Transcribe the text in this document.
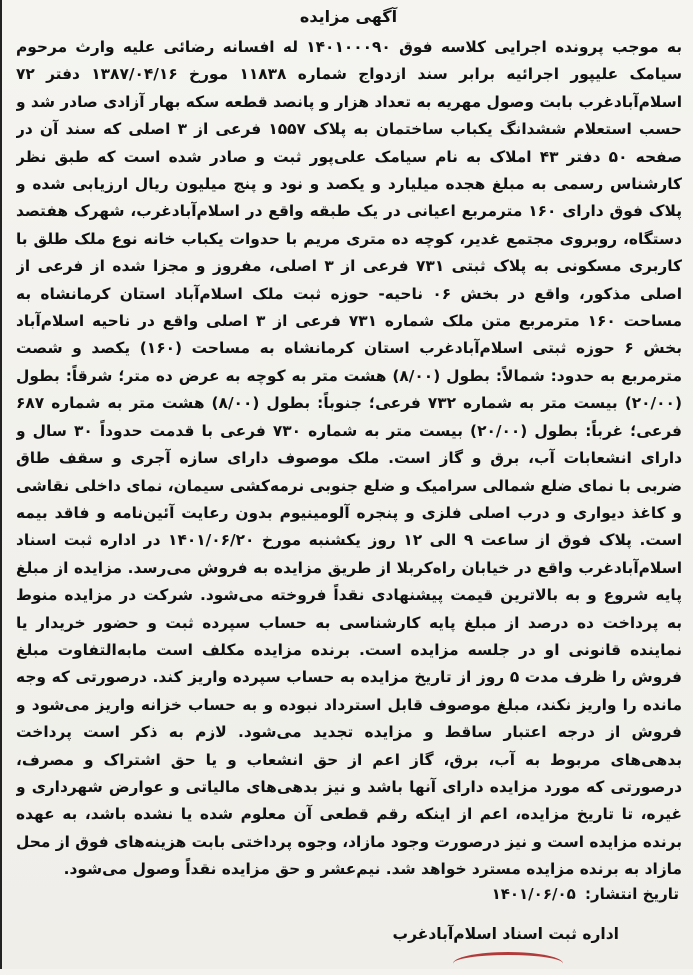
آگهی مزایده
به موجب پرونده اجرایی کلاسه فوق ۱۴۰۱۰۰۰۹۰ له افسانه رضائی علیه وارث مرحوم سیامک علیپور اجرائیه برابر سند ازدواج شماره ۱۱۸۳۸ مورخ ۱۳۸۷/۰۴/۱۶ دفتر ۷۲ اسلام‌آبادغرب بابت وصول مهریه به تعداد هزار و پانصد قطعه سکه بهار آزادی صادر شد و حسب استعلام ششدانگ یکباب ساختمان به پلاک ۱۵۵۷ فرعی از ۳ اصلی که سند آن در صفحه ۵۰ دفتر ۴۳ املاک به نام سیامک علی‌پور ثبت و صادر شده است که طبق نظر کارشناس رسمی به مبلغ هجده میلیارد و یکصد و نود و پنج میلیون ریال ارزیابی شده و پلاک فوق دارای ۱۶۰ مترمربع اعیانی در یک طبقه واقع در اسلام‌آبادغرب، شهرک هفتصد دستگاه، روبروی مجتمع غدیر، کوچه ده متری مریم با حدوات یکباب خانه نوع ملک طلق با کاربری مسکونی به پلاک ثبتی ۷۳۱ فرعی از ۳ اصلی، مفروز و مجزا شده از فرعی از اصلی مذکور، واقع در بخش ۰۶ ناحیه- حوزه ثبت ملک اسلام‌آباد استان کرمانشاه به مساحت ۱۶۰ مترمربع متن ملک شماره ۷۳۱ فرعی از ۳ اصلی واقع در ناحیه اسلام‌آباد بخش ۶ حوزه ثبتی اسلام‌آبادغرب استان کرمانشاه به مساحت (۱۶۰) یکصد و شصت مترمربع به حدود: شمالاً: بطول (۸/۰۰) هشت متر به کوچه به عرض ده متر؛ شرقاً: بطول (۲۰/۰۰) بیست متر به شماره ۷۳۲ فرعی؛ جنوباً: بطول (۸/۰۰) هشت متر به شماره ۶۸۷ فرعی؛ غرباً: بطول (۲۰/۰۰) بیست متر به شماره ۷۳۰ فرعی با قدمت حدوداً ۳۰ سال و دارای انشعابات آب، برق و گاز است. ملک موصوف دارای سازه آجری و سقف طاق ضربی با نمای ضلع شمالی سرامیک و ضلع جنوبی نرمه‌کشی سیمان، نمای داخلی نقاشی و کاغذ دیواری و درب اصلی فلزی و پنجره آلومینیوم بدون رعایت آئین‌نامه و فاقد بیمه است. پلاک فوق از ساعت ۹ الی ۱۲ روز یکشنبه مورخ ۱۴۰۱/۰۶/۲۰ در اداره ثبت اسناد اسلام‌آبادغرب واقع در خیابان راه‌کربلا از طریق مزایده به فروش می‌رسد. مزایده از مبلغ پایه شروع و به بالاترین قیمت پیشنهادی نقداً فروخته می‌شود. شرکت در مزایده منوط به پرداخت ده درصد از مبلغ پایه کارشناسی به حساب سپرده ثبت و حضور خریدار یا نماینده قانونی او در جلسه مزایده است. برنده مزایده مکلف است مابه‌التفاوت مبلغ فروش را ظرف مدت ۵ روز از تاریخ مزایده به حساب سپرده واریز کند. درصورتی که وجه مانده را واریز نکند، مبلغ موصوف قابل استرداد نبوده و به حساب خزانه واریز می‌شود و فروش از درجه اعتبار ساقط و مزایده تجدید می‌شود. لازم به ذکر است پرداخت بدهی‌های مربوط به آب، برق، گاز اعم از حق انشعاب و یا حق اشتراک و مصرف، درصورتی که مورد مزایده دارای آنها باشد و نیز بدهی‌های مالیاتی و عوارض شهرداری و غیره، تا تاریخ مزایده، اعم از اینکه رقم قطعی آن معلوم شده یا نشده باشد، به عهده برنده مزایده است و نیز درصورت وجود مازاد، وجوه پرداختی بابت هزینه‌های فوق از محل مازاد به برنده مزایده مسترد خواهد شد. نیم‌عشر و حق مزایده نقداً وصول می‌شود.
تاریخ انتشار: ۱۴۰۱/۰۶/۰۵
اداره ثبت اسناد اسلام‌آبادغرب
